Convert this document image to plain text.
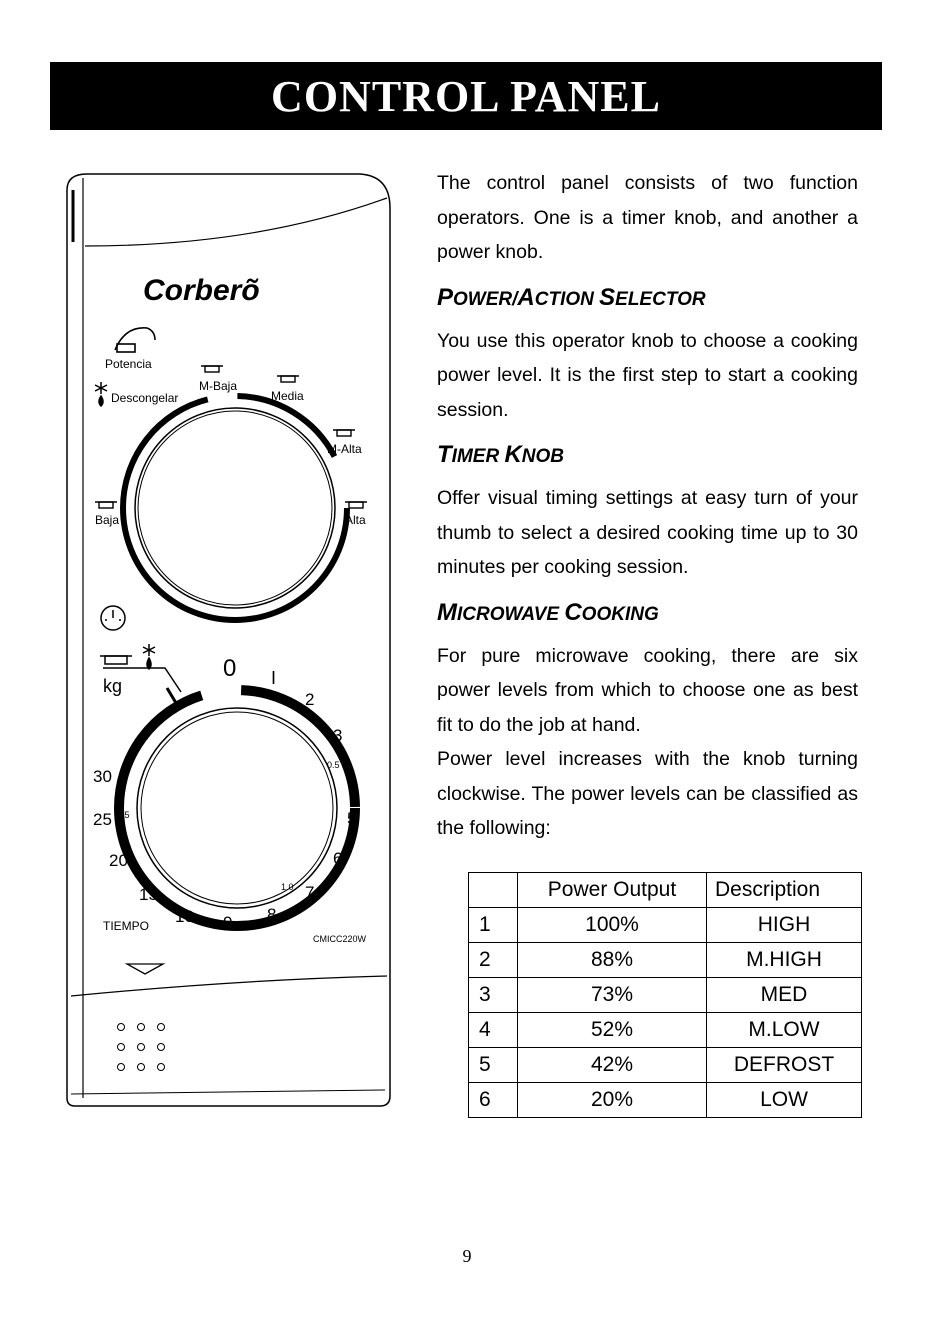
CONTROL PANEL
Corberõ
Potencia
Descongelar
M-Baja
Media
M-Alta
Baja	Alta
kg
0 I
2
3
4
5
6
7
8
9
10
15
20
25
30
0.5
1.0
1.5
TIEMPO
CMICC220W

The control panel consists of two function operators. One is a timer knob, and another a power knob.

POWER/ACTION SELECTOR

You use this operator knob to choose a cooking power level. It is the first step to start a cooking session.

TIMER KNOB

Offer visual timing settings at easy turn of your thumb to select a desired cooking time up to 30 minutes per cooking session.

MICROWAVE COOKING

For pure microwave cooking, there are six power levels from which to choose one as best fit to do the job at hand.

Power level increases with the knob turning clockwise. The power levels can be classified as the following:

	Power Output	Description
1	100%	HIGH
2	88%	M.HIGH
3	73%	MED
4	52%	M.LOW
5	42%	DEFROST
6	20%	LOW
9
